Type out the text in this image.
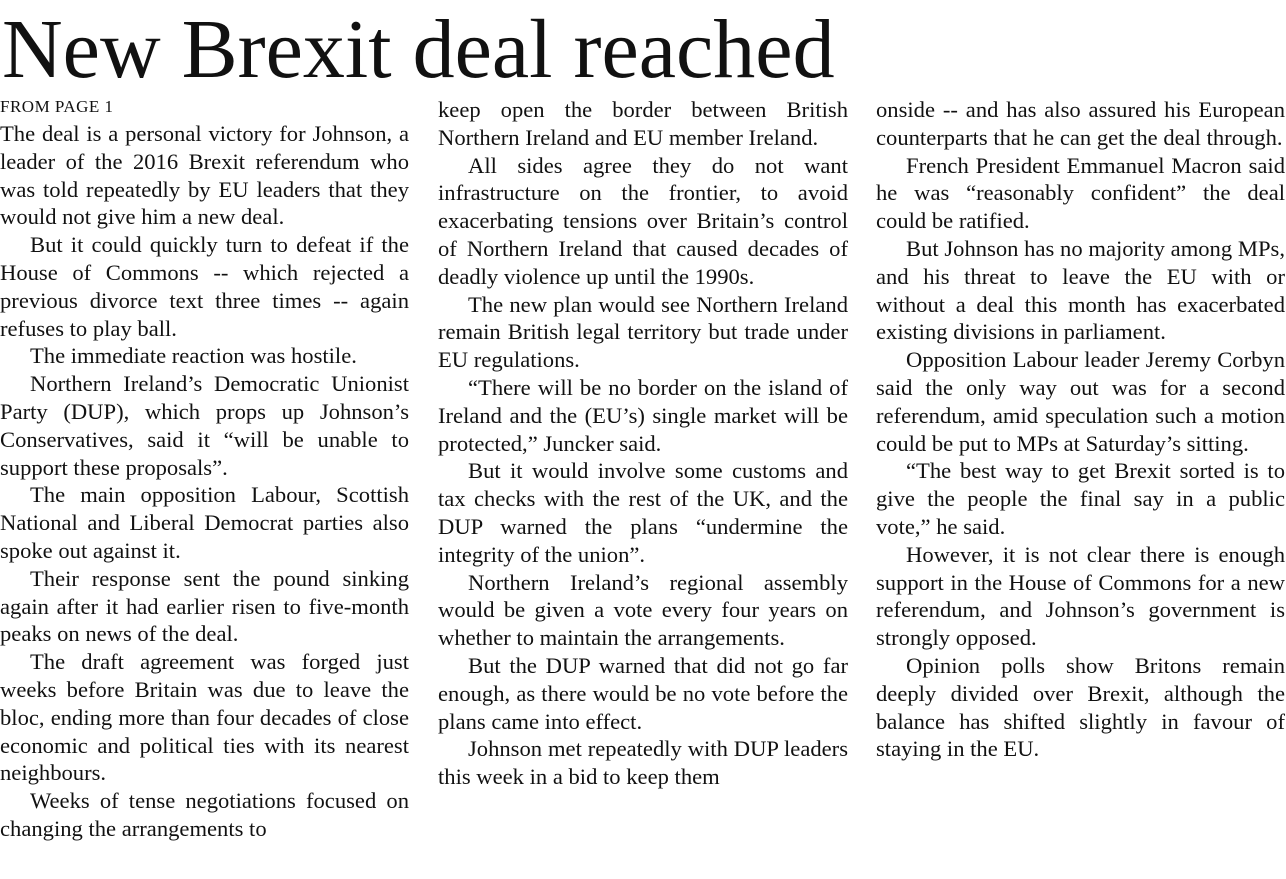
New Brexit deal reached
FROM PAGE 1

The deal is a personal victory for Johnson, a leader of the 2016 Brexit referendum who was told repeatedly by EU leaders that they would not give him a new deal.

But it could quickly turn to defeat if the House of Commons -- which rejected a previous divorce text three times -- again refuses to play ball.

The immediate reaction was hostile.

Northern Ireland’s Democratic Unionist Party (DUP), which props up Johnson’s Conservatives, said it “will be unable to support these proposals”.

The main opposition Labour, Scottish National and Liberal Democrat parties also spoke out against it.

Their response sent the pound sinking again after it had earlier risen to five-month peaks on news of the deal.

The draft agreement was forged just weeks before Britain was due to leave the bloc, ending more than four decades of close economic and political ties with its nearest neighbours.

Weeks of tense negotiations focused on changing the arrangements to

keep open the border between British Northern Ireland and EU member Ireland.

All sides agree they do not want infrastructure on the frontier, to avoid exacerbating tensions over Britain’s control of Northern Ireland that caused decades of deadly violence up until the 1990s.

The new plan would see Northern Ireland remain British legal territory but trade under EU regulations.

“There will be no border on the island of Ireland and the (EU’s) single market will be protected,” Juncker said.

But it would involve some customs and tax checks with the rest of the UK, and the DUP warned the plans “undermine the integrity of the union”.

Northern Ireland’s regional assembly would be given a vote every four years on whether to maintain the arrangements.

But the DUP warned that did not go far enough, as there would be no vote before the plans came into effect.

Johnson met repeatedly with DUP leaders this week in a bid to keep them

onside -- and has also assured his European counterparts that he can get the deal through.

French President Emmanuel Macron said he was “reasonably confident” the deal could be ratified.

But Johnson has no majority among MPs, and his threat to leave the EU with or without a deal this month has exacerbated existing divisions in parliament.

Opposition Labour leader Jeremy Corbyn said the only way out was for a second referendum, amid speculation such a motion could be put to MPs at Saturday’s sitting.

“The best way to get Brexit sorted is to give the people the final say in a public vote,” he said.

However, it is not clear there is enough support in the House of Commons for a new referendum, and Johnson’s government is strongly opposed.

Opinion polls show Britons remain deeply divided over Brexit, although the balance has shifted slightly in favour of staying in the EU.
